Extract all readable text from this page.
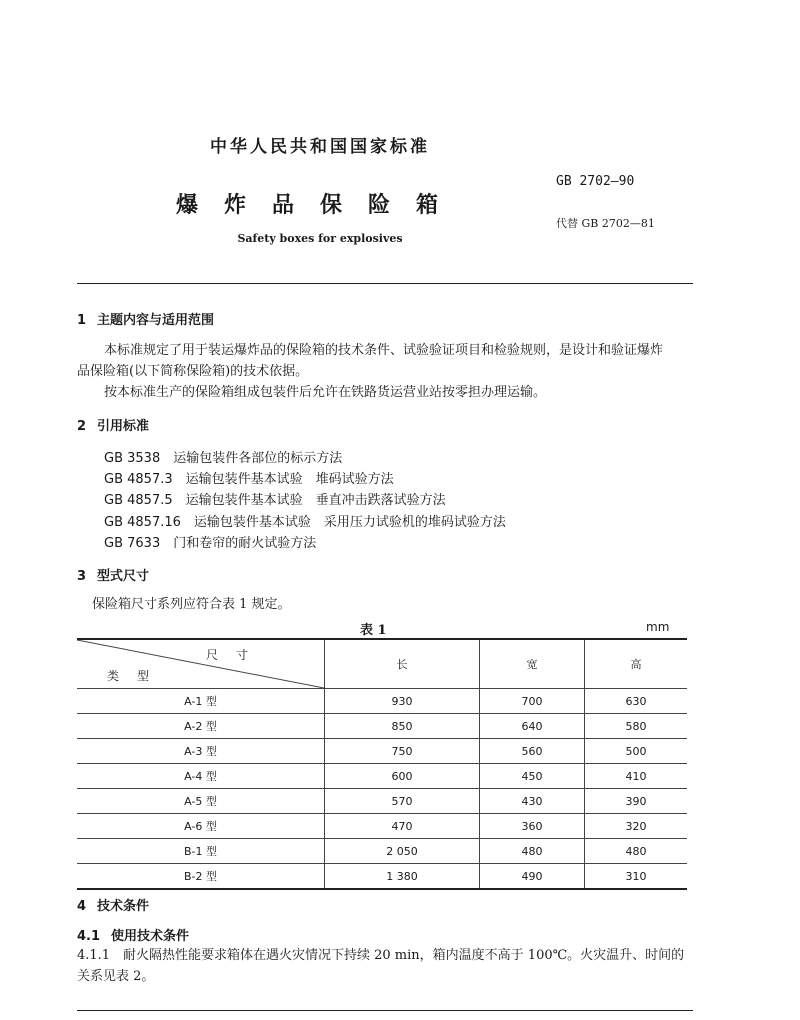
中华人民共和国国家标准
GB 2702—90
爆炸品保险箱
代替 GB 2702—81
Safety boxes for explosives
1 主题内容与适用范围
本标准规定了用于装运爆炸品的保险箱的技术条件、试验验证项目和检验规则，是设计和验证爆炸
品保险箱(以下简称保险箱)的技术依据。
按本标准生产的保险箱组成包装件后允许在铁路货运营业站按零担办理运输。
2 引用标准
GB 3538　 运输包装件各部位的标示方法
GB 4857.3　 运输包装件基本试验　堆码试验方法
GB 4857.5　 运输包装件基本试验　垂直冲击跌落试验方法
GB 4857.16　 运输包装件基本试验　采用压力试验机的堆码试验方法
GB 7633　 门和卷帘的耐火试验方法
3 型式尺寸
保险箱尺寸系列应符合表 1 规定。
表 1	mm
尺寸
类型	长	宽	高
A-1 型	930	700	630
A-2 型	850	640	580
A-3 型	750	560	500
A-4 型	600	450	410
A-5 型	570	430	390
A-6 型	470	360	320
B-1 型	2 050	480	480
B-2 型	1 380	490	310
4 技术条件
4.1 使用技术条件
4.1.1 耐火隔热性能要求箱体在遇火灾情况下持续 20 min，箱内温度不高于 100℃。火灾温升、时间的
关系见表 2。
